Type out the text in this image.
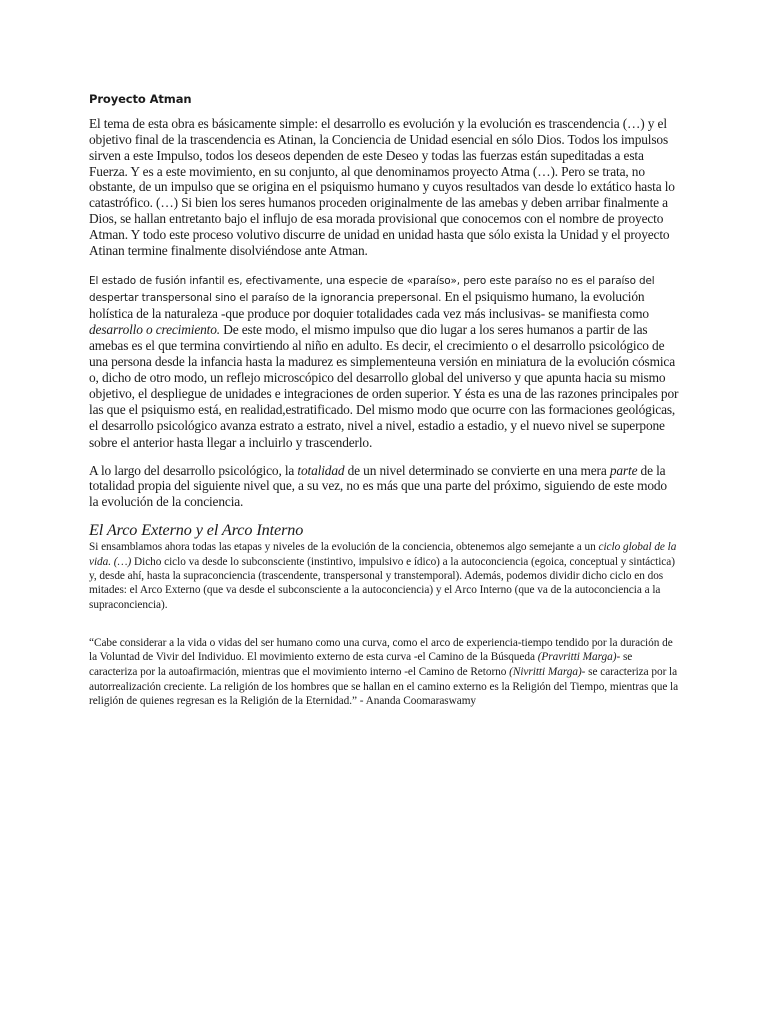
Proyecto Atman

El tema de esta obra es básicamente simple: el desarrollo es evolución y la evolución es trascendencia (…) y el objetivo final de la trascendencia es Atinan, la Conciencia de Unidad esencial en sólo Dios. Todos los impulsos sirven a este Impulso, todos los deseos dependen de este Deseo y todas las fuerzas están supeditadas a esta Fuerza. Y es a este movimiento, en su conjunto, al que denominamos proyecto Atma (…). Pero se trata, no obstante, de un impulso que se origina en el psiquismo humano y cuyos resultados van desde lo extático hasta lo catastrófico. (…) Si bien los seres humanos proceden originalmente de las amebas y deben arribar finalmente a Dios, se hallan entretanto bajo el influjo de esa morada provisional que conocemos con el nombre de proyecto Atman. Y todo este proceso volutivo discurre de unidad en unidad hasta que sólo exista la Unidad y el proyecto Atinan termine finalmente disolviéndose ante Atman.

El estado de fusión infantil es, efectivamente, una especie de «paraíso», pero este paraíso no es el paraíso del despertar transpersonal sino el paraíso de la ignorancia prepersonal. En el psiquismo humano, la evolución holística de la naturaleza -que produce por doquier totalidades cada vez más inclusivas- se manifiesta como desarrollo o crecimiento. De este modo, el mismo impulso que dio lugar a los seres humanos a partir de las amebas es el que termina convirtiendo al niño en adulto. Es decir, el crecimiento o el desarrollo psicológico de una persona desde la infancia hasta la madurez es simplementeuna versión en miniatura de la evolución cósmica o, dicho de otro modo, un reflejo microscópico del desarrollo global del universo y que apunta hacia su mismo objetivo, el despliegue de unidades e integraciones de orden superior. Y ésta es una de las razones principales por las que el psiquismo está, en realidad,estratificado. Del mismo modo que ocurre con las formaciones geológicas, el desarrollo psicológico avanza estrato a estrato, nivel a nivel, estadio a estadio, y el nuevo nivel se superpone sobre el anterior hasta llegar a incluirlo y trascenderlo.

A lo largo del desarrollo psicológico, la totalidad de un nivel determinado se convierte en una mera parte de la totalidad propia del siguiente nivel que, a su vez, no es más que una parte del próximo, siguiendo de este modo la evolución de la conciencia.

El Arco Externo y el Arco Interno

Si ensamblamos ahora todas las etapas y niveles de la evolución de la conciencia, obtenemos algo semejante a un ciclo global de la vida. (…) Dicho ciclo va desde lo subconsciente (instintivo, impulsivo e ídico) a la autoconciencia (egoica, conceptual y sintáctica) y, desde ahí, hasta la supraconciencia (trascendente, transpersonal y transtemporal). Además, podemos dividir dicho ciclo en dos mitades: el Arco Externo (que va desde el subconsciente a la autoconciencia) y el Arco Interno (que va de la autoconciencia a la supraconciencia).

“Cabe considerar a la vida o vidas del ser humano como una curva, como el arco de experiencia-tiempo tendido por la duración de la Voluntad de Vivir del Individuo. El movimiento externo de esta curva -el Camino de la Búsqueda (Pravritti Marga)- se caracteriza por la autoafirmación, mientras que el movimiento interno -el Camino de Retorno (Nivritti Marga)- se caracteriza por la autorrealización creciente. La religión de los hombres que se hallan en el camino externo es la Religión del Tiempo, mientras que la religión de quienes regresan es la Religión de la Eternidad.” - Ananda Coomaraswamy
